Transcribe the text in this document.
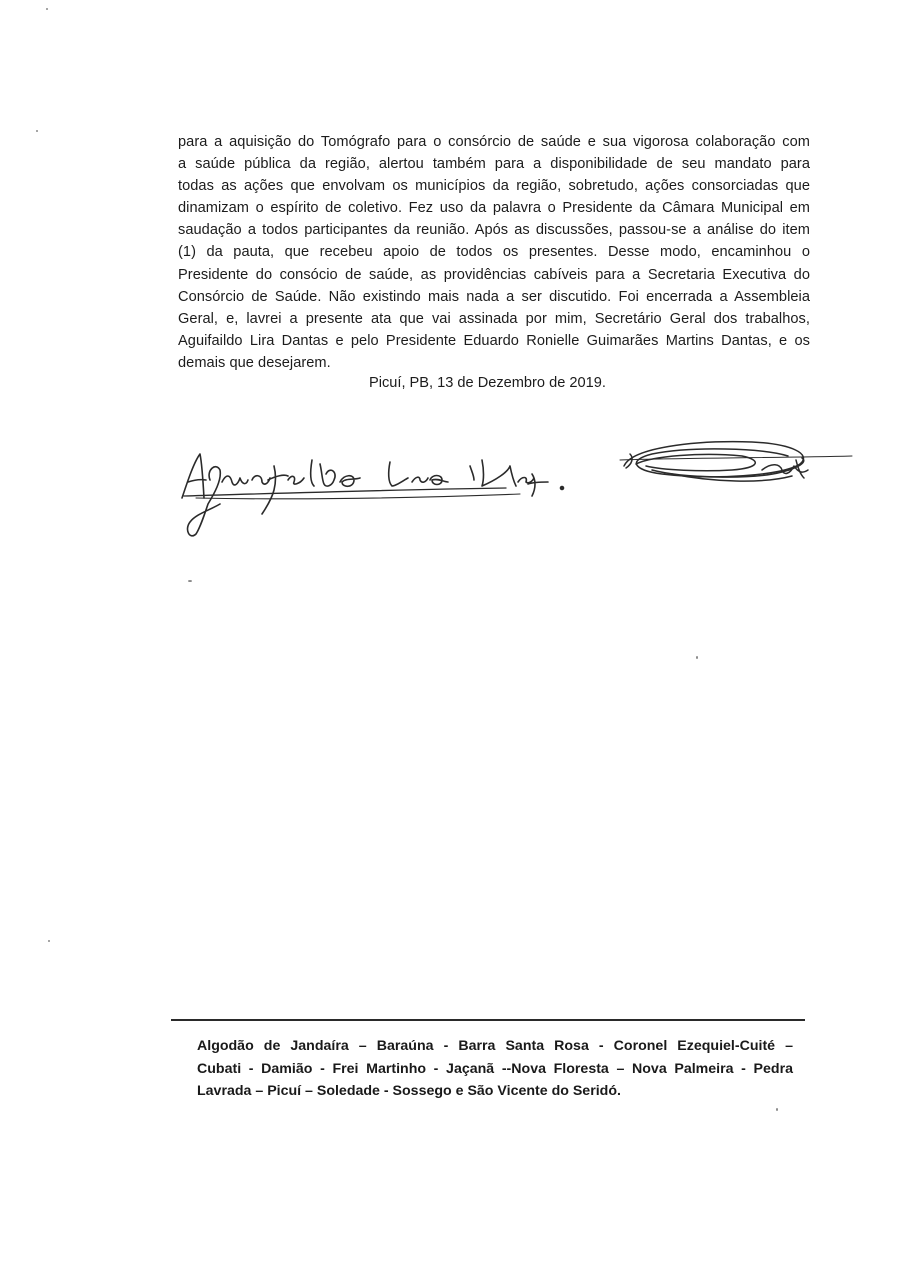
para a aquisição do Tomógrafo para o consórcio de saúde e sua vigorosa colaboração com
a saúde pública da região, alertou também para a disponibilidade de seu mandato para
todas as ações que envolvam os municípios da região, sobretudo, ações consorciadas que
dinamizam o espírito de coletivo. Fez uso da palavra o Presidente da Câmara Municipal em
saudação a todos participantes da reunião. Após as discussões, passou-se a análise do item
(1) da pauta, que recebeu apoio de todos os presentes. Desse modo, encaminhou o
Presidente do consócio de saúde, as providências cabíveis para a Secretaria Executiva do
Consórcio de Saúde. Não existindo mais nada a ser discutido. Foi encerrada a Assembleia
Geral, e, lavrei a presente ata que vai assinada por mim, Secretário Geral dos trabalhos,
Aguifaildo Lira Dantas e pelo Presidente Eduardo Ronielle Guimarães Martins Dantas, e os
demais que desejarem.
Picuí, PB, 13 de Dezembro de 2019.
Algodão de Jandaíra – Baraúna - Barra Santa Rosa - Coronel Ezequiel-Cuité –
Cubati - Damião - Frei Martinho - Jaçanã --Nova Floresta – Nova Palmeira - Pedra
Lavrada – Picuí – Soledade - Sossego e São Vicente do Seridó.
